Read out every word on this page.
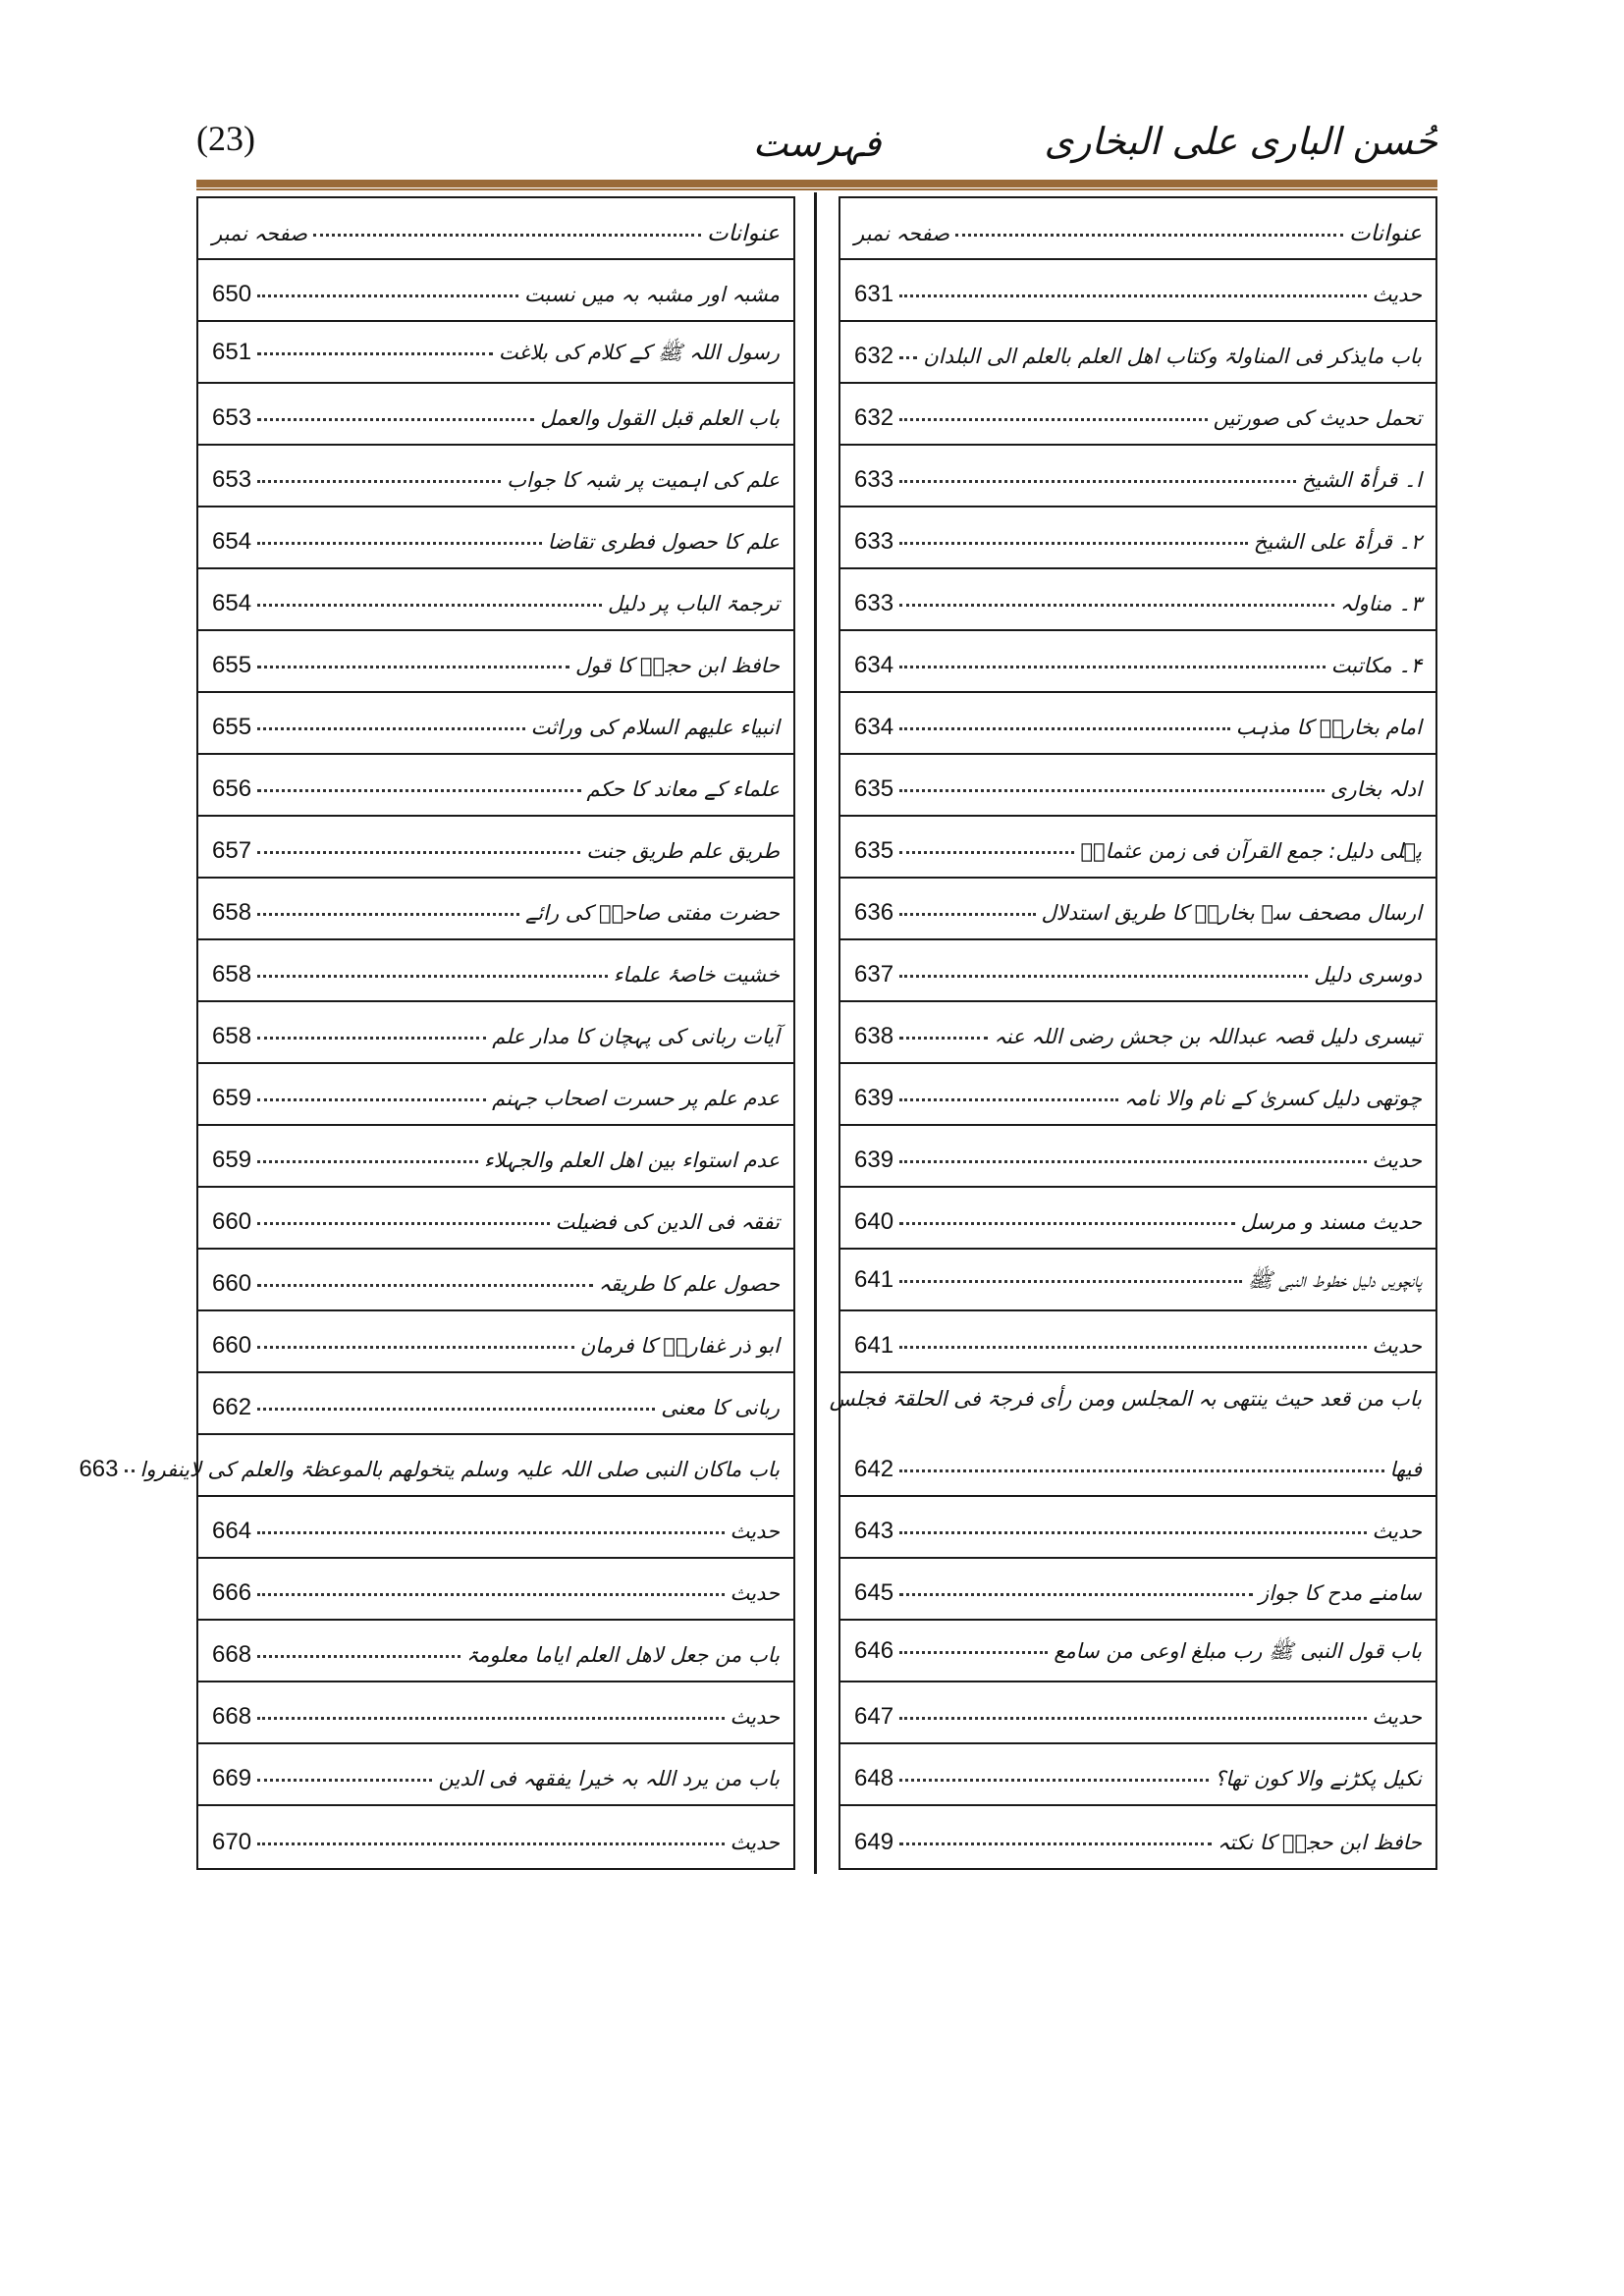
حُسن الباری علی البخاری
فہرست
(23)
عنوانات
صفحہ نمبر
حدیث
631
باب مایذکر فی المناولۃ وکتاب اھل العلم بالعلم الی البلدان
632
تحمل حدیث کی صورتیں
632
ا۔ قرأۃ الشیخ
633
۲۔ قرأۃ علی الشیخ
633
۳۔ مناولہ
633
۴۔ مکاتبت
634
امام بخاریؒ کا مذہب
634
ادلہ بخاری
635
پہلی دلیل: جمع القرآن فی زمن عثمانؓ
635
ارسال مصحف سے بخاریؒ کا طریق استدلال
636
دوسری دلیل
637
تیسری دلیل قصہ عبداللہ بن جحش رضی اللہ عنہ
638
چوتھی دلیل کسریٰ کے نام والا نامہ
639
حدیث
639
حدیث مسند و مرسل
640
پانچویں دلیل خطوط النبی ﷺ
641
حدیث
641
باب من قعد حیث ینتھی بہ المجلس ومن رأی فرجۃ فی الحلقۃ فجلس
فیھا
642
حدیث
643
سامنے مدح کا جواز
645
باب قول النبی ﷺ رب مبلغ اوعی من سامع
646
حدیث
647
نکیل پکڑنے والا کون تھا؟
648
حافظ ابن حجرؒ کا نکتہ
649
عنوانات
صفحہ نمبر
مشبہ اور مشبہ بہ میں نسبت
650
رسول اللہ ﷺ کے کلام کی بلاغت
651
باب العلم قبل القول والعمل
653
علم کی اہمیت پر شبہ کا جواب
653
علم کا حصول فطری تقاضا
654
ترجمۃ الباب پر دلیل
654
حافظ ابن حجرؒ کا قول
655
انبیاء علیھم السلام کی وراثت
655
علماء کے معاند کا حکم
656
طریق علم طریق جنت
657
حضرت مفتی صاحبؒ کی رائے
658
خشیت خاصۂ علماء
658
آیات ربانی کی پہچان کا مدار علم
658
عدم علم پر حسرت اصحاب جہنم
659
عدم استواء بین اھل العلم والجہلاء
659
تفقہ فی الدین کی فضیلت
660
حصول علم کا طریقہ
660
ابو ذر غفاریؓ کا فرمان
660
ربانی کا معنی
662
باب ماکان النبی صلی اللہ علیہ وسلم یتخولھم بالموعظۃ والعلم کی لاینفروا
663
حدیث
664
حدیث
666
باب من جعل لاھل العلم ایاما معلومۃ
668
حدیث
668
باب من یرد اللہ بہ خیرا یفقھہ فی الدین
669
حدیث
670
